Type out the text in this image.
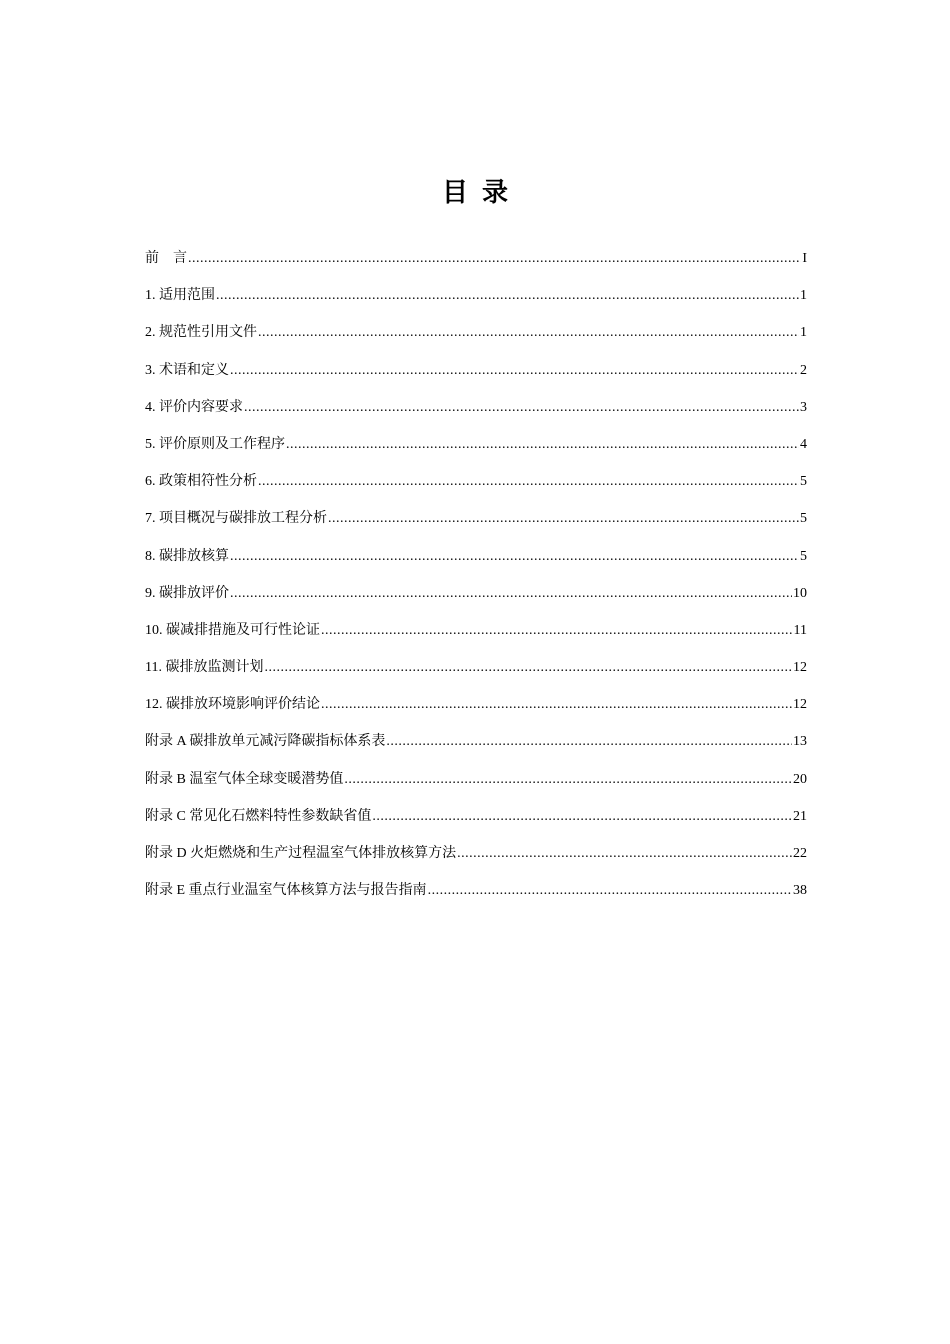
目录
前　言 .....	I
1. 适用范围 .....	1
2. 规范性引用文件 .....	1
3. 术语和定义 .....	2
4. 评价内容要求 .....	3
5. 评价原则及工作程序 .....	4
6. 政策相符性分析 .....	5
7. 项目概况与碳排放工程分析 .....	5
8. 碳排放核算 .....	5
9. 碳排放评价 .....	10
10. 碳减排措施及可行性论证 .....	11
11. 碳排放监测计划 .....	12
12. 碳排放环境影响评价结论 .....	12
附录 A 碳排放单元减污降碳指标体系表 .....	13
附录 B 温室气体全球变暖潜势值 .....	20
附录 C 常见化石燃料特性参数缺省值 .....	21
附录 D 火炬燃烧和生产过程温室气体排放核算方法 .....	22
附录 E 重点行业温室气体核算方法与报告指南 .....	38
